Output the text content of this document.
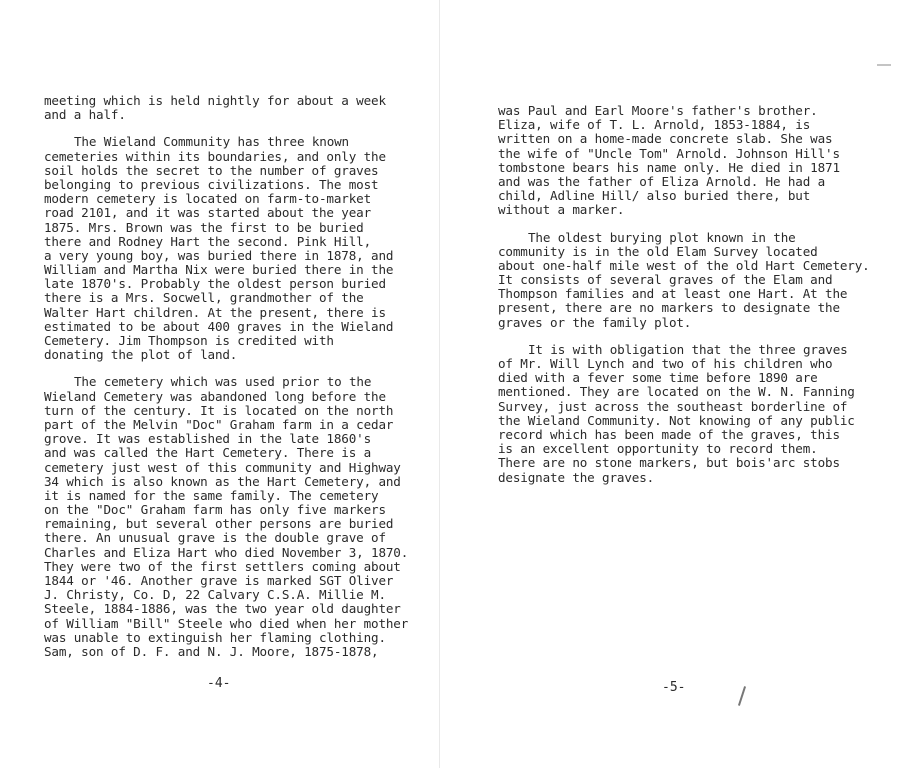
meeting which is held nightly for about a week
and a half.
The Wieland Community has three known
cemeteries within its boundaries, and only the
soil holds the secret to the number of graves
belonging to previous civilizations. The most
modern cemetery is located on farm-to-market
road 2101, and it was started about the year
1875. Mrs. Brown was the first to be buried
there and Rodney Hart the second. Pink Hill,
a very young boy, was buried there in 1878, and
William and Martha Nix were buried there in the
late 1870's. Probably the oldest person buried
there is a Mrs. Socwell, grandmother of the
Walter Hart children. At the present, there is
estimated to be about 400 graves in the Wieland
Cemetery. Jim Thompson is credited with
donating the plot of land.
The cemetery which was used prior to the
Wieland Cemetery was abandoned long before the
turn of the century. It is located on the north
part of the Melvin "Doc" Graham farm in a cedar
grove. It was established in the late 1860's
and was called the Hart Cemetery. There is a
cemetery just west of this community and Highway
34 which is also known as the Hart Cemetery, and
it is named for the same family. The cemetery
on the "Doc" Graham farm has only five markers
remaining, but several other persons are buried
there. An unusual grave is the double grave of
Charles and Eliza Hart who died November 3, 1870.
They were two of the first settlers coming about
1844 or '46. Another grave is marked SGT Oliver
J. Christy, Co. D, 22 Calvary C.S.A. Millie M.
Steele, 1884-1886, was the two year old daughter
of William "Bill" Steele who died when her mother
was unable to extinguish her flaming clothing.
Sam, son of D. F. and N. J. Moore, 1875-1878,
-4-
was Paul and Earl Moore's father's brother.
Eliza, wife of T. L. Arnold, 1853-1884, is
written on a home-made concrete slab. She was
the wife of "Uncle Tom" Arnold. Johnson Hill's
tombstone bears his name only. He died in 1871
and was the father of Eliza Arnold. He had a
child, Adline Hill/ also buried there, but
without a marker.
The oldest burying plot known in the
community is in the old Elam Survey located
about one-half mile west of the old Hart Cemetery.
It consists of several graves of the Elam and
Thompson families and at least one Hart. At the
present, there are no markers to designate the
graves or the family plot.
It is with obligation that the three graves
of Mr. Will Lynch and two of his children who
died with a fever some time before 1890 are
mentioned. They are located on the W. N. Fanning
Survey, just across the southeast borderline of
the Wieland Community. Not knowing of any public
record which has been made of the graves, this
is an excellent opportunity to record them.
There are no stone markers, but bois'arc stobs
designate the graves.
-5-
